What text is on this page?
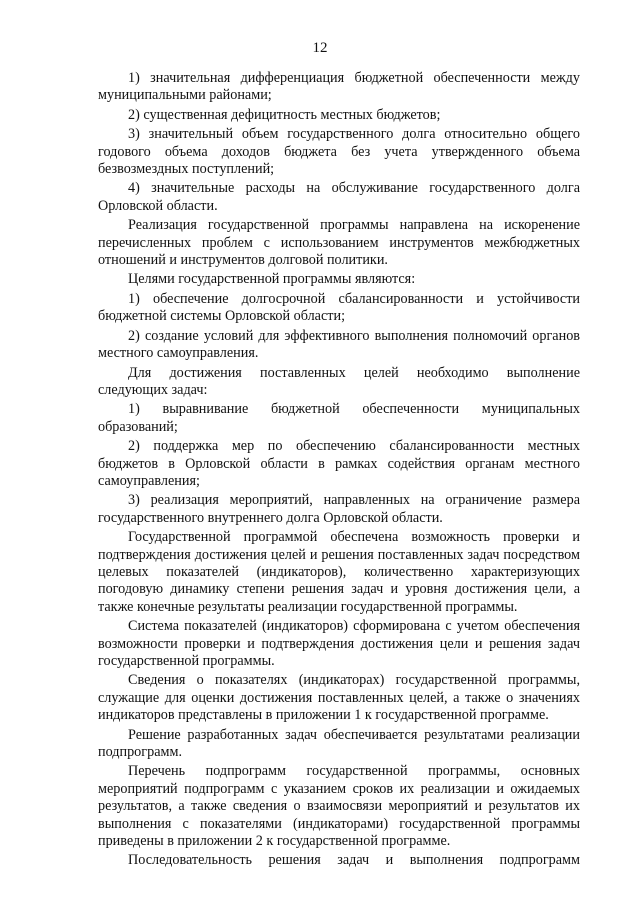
12

1) значительная дифференциация бюджетной обеспеченности между муниципальными районами;

2) существенная дефицитность местных бюджетов;

3) значительный объем государственного долга относительно общего годового объема доходов бюджета без учета утвержденного объема безвозмездных поступлений;

4) значительные расходы на обслуживание государственного долга Орловской области.

Реализация государственной программы направлена на искоренение перечисленных проблем с использованием инструментов межбюджетных отношений и инструментов долговой политики.

Целями государственной программы являются:

1) обеспечение долгосрочной сбалансированности и устойчивости бюджетной системы Орловской области;

2) создание условий для эффективного выполнения полномочий органов местного самоуправления.

Для достижения поставленных целей необходимо выполнение следующих задач:

1) выравнивание бюджетной обеспеченности муниципальных образований;

2) поддержка мер по обеспечению сбалансированности местных бюджетов в Орловской области в рамках содействия органам местного самоуправления;

3) реализация мероприятий, направленных на ограничение размера государственного внутреннего долга Орловской области.

Государственной программой обеспечена возможность проверки и подтверждения достижения целей и решения поставленных задач посредством целевых показателей (индикаторов), количественно характеризующих погодовую динамику степени решения задач и уровня достижения цели, а также конечные результаты реализации государственной программы.

Система показателей (индикаторов) сформирована с учетом обеспечения возможности проверки и подтверждения достижения цели и решения задач государственной программы.

Сведения о показателях (индикаторах) государственной программы, служащие для оценки достижения поставленных целей, а также о значениях индикаторов представлены в приложении 1 к государственной программе.

Решение разработанных задач обеспечивается результатами реализации подпрограмм.

Перечень подпрограмм государственной программы, основных мероприятий подпрограмм с указанием сроков их реализации и ожидаемых результатов, а также сведения о взаимосвязи мероприятий и результатов их выполнения с показателями (индикаторами) государственной программы приведены в приложении 2 к государственной программе.

Последовательность решения задач и выполнения подпрограмм
